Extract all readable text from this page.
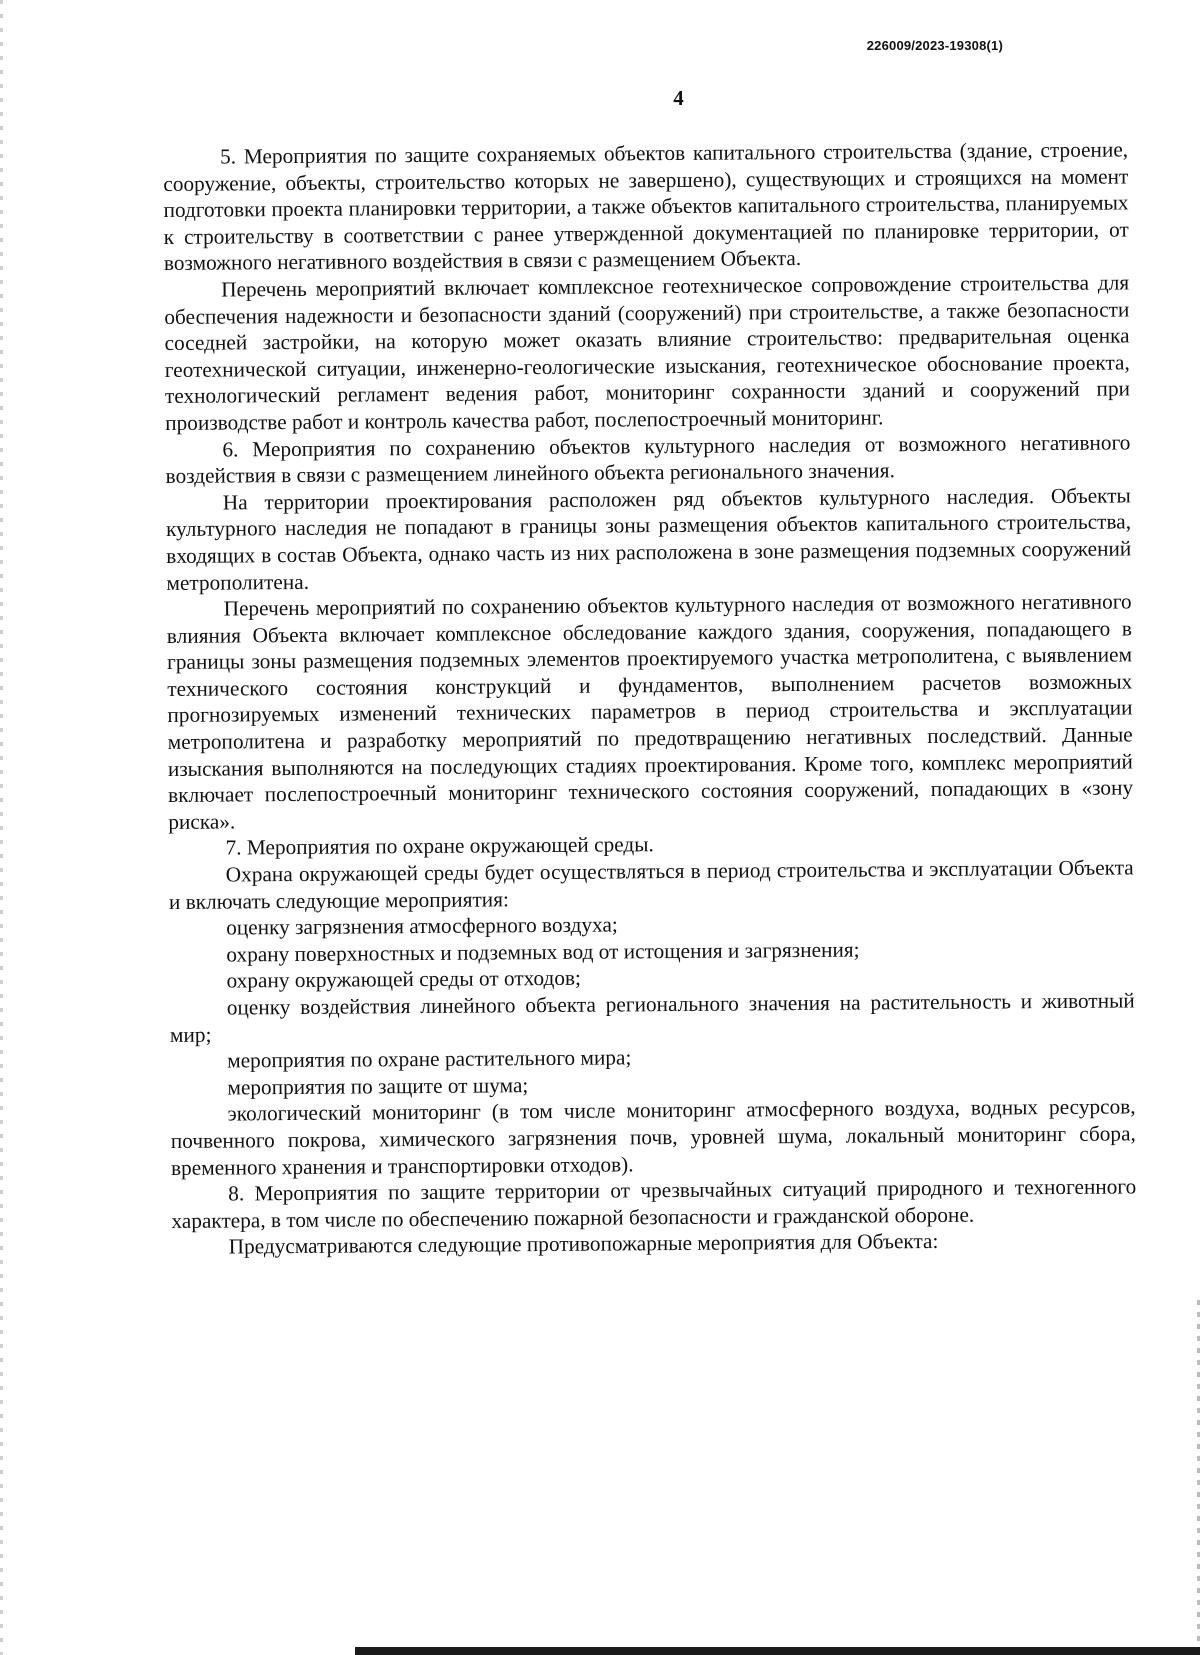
226009/2023-19308(1)
4

5. Мероприятия по защите сохраняемых объектов капитального строительства (здание, строение, сооружение, объекты, строительство которых не завершено), существующих и строящихся на момент подготовки проекта планировки территории, а также объектов капитального строительства, планируемых к строительству в соответствии с ранее утвержденной документацией по планировке территории, от возможного негативного воздействия в связи с размещением Объекта.

Перечень мероприятий включает комплексное геотехническое сопровождение строительства для обеспечения надежности и безопасности зданий (сооружений) при строительстве, а также безопасности соседней застройки, на которую может оказать влияние строительство: предварительная оценка геотехнической ситуации, инженерно-геологические изыскания, геотехническое обоснование проекта, технологический регламент ведения работ, мониторинг сохранности зданий и сооружений при производстве работ и контроль качества работ, послепостроечный мониторинг.

6. Мероприятия по сохранению объектов культурного наследия от возможного негативного воздействия в связи с размещением линейного объекта регионального значения.

На территории проектирования расположен ряд объектов культурного наследия. Объекты культурного наследия не попадают в границы зоны размещения объектов капитального строительства, входящих в состав Объекта, однако часть из них расположена в зоне размещения подземных сооружений метрополитена.

Перечень мероприятий по сохранению объектов культурного наследия от возможного негативного влияния Объекта включает комплексное обследование каждого здания, сооружения, попадающего в границы зоны размещения подземных элементов проектируемого участка метрополитена, с выявлением технического состояния конструкций и фундаментов, выполнением расчетов возможных прогнозируемых изменений технических параметров в период строительства и эксплуатации метрополитена и разработку мероприятий по предотвращению негативных последствий. Данные изыскания выполняются на последующих стадиях проектирования. Кроме того, комплекс мероприятий включает послепостроечный мониторинг технического состояния сооружений, попадающих в «зону риска».

7. Мероприятия по охране окружающей среды.

Охрана окружающей среды будет осуществляться в период строительства и эксплуатации Объекта и включать следующие мероприятия:

оценку загрязнения атмосферного воздуха;

охрану поверхностных и подземных вод от истощения и загрязнения;

охрану окружающей среды от отходов;

оценку воздействия линейного объекта регионального значения на растительность и животный мир;

мероприятия по охране растительного мира;

мероприятия по защите от шума;

экологический мониторинг (в том числе мониторинг атмосферного воздуха, водных ресурсов, почвенного покрова, химического загрязнения почв, уровней шума, локальный мониторинг сбора, временного хранения и транспортировки отходов).

8. Мероприятия по защите территории от чрезвычайных ситуаций природного и техногенного характера, в том числе по обеспечению пожарной безопасности и гражданской обороне.

Предусматриваются следующие противопожарные мероприятия для Объекта:
